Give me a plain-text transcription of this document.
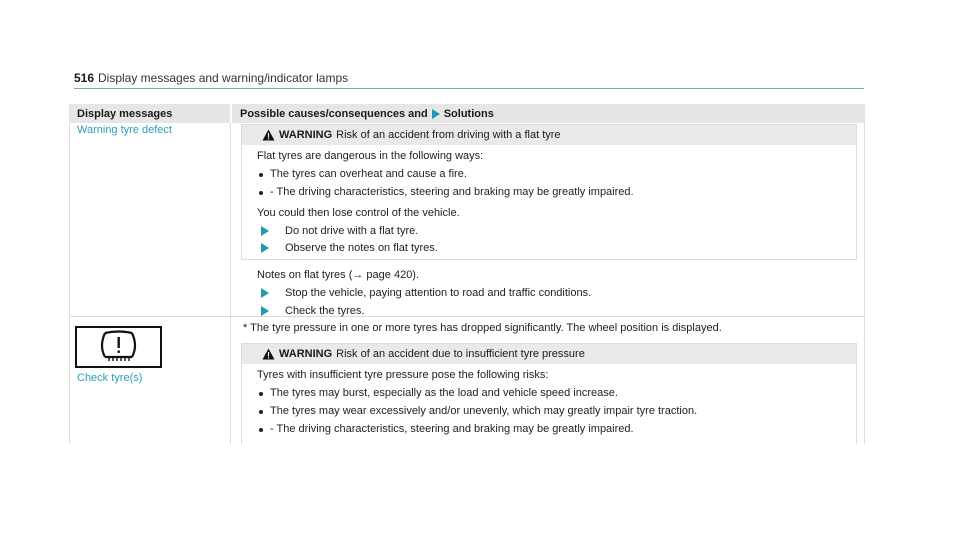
516 Display messages and warning/indicator lamps
Display messages	Possible causes/consequences and Solutions
Warning tyre defect	WARNING Risk of an accident from driving with a flat tyre
Flat tyres are dangerous in the following ways:
The tyres can overheat and cause a fire.
- The driving characteristics, steering and braking may be greatly impaired.
You could then lose control of the vehicle.
Do not drive with a flat tyre.
Observe the notes on flat tyres.
Notes on flat tyres (→ page 420).
Stop the vehicle, paying attention to road and traffic conditions.
Check the tyres.
Check tyre(s)
* The tyre pressure in one or more tyres has dropped significantly. The wheel position is displayed.
WARNING Risk of an accident due to insufficient tyre pressure
Tyres with insufficient tyre pressure pose the following risks:
The tyres may burst, especially as the load and vehicle speed increase.
The tyres may wear excessively and/or unevenly, which may greatly impair tyre traction.
- The driving characteristics, steering and braking may be greatly impaired.
